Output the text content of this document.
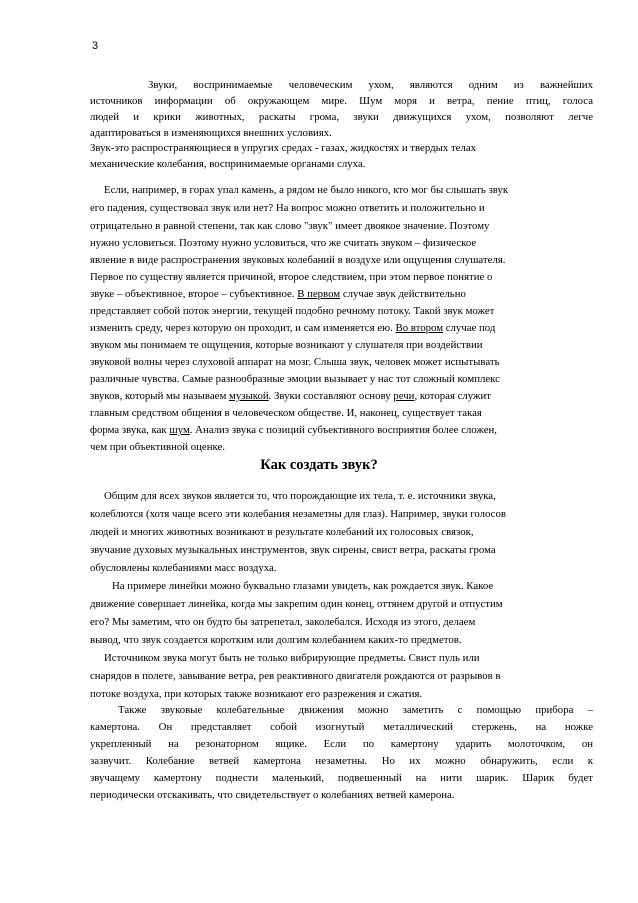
3

Звуки, воспринимаемые человеческим ухом, являются одним из важнейших

источников информации об окружающем мире. Шум моря и ветра, пение птиц, голоса

людей и крики животных, раскаты грома, звуки движущихся ухом, позволяют легче

адаптироваться в изменяющихся внешних условиях.

Звук-это распространяющиеся в упругих средах - газах, жидкостях и твердых телах

механические колебания, воспринимаемые органами слуха.

Если, например, в горах упал камень, а рядом не было никого, кто мог бы слышать звук

его падения, существовал звук или нет? На вопрос можно ответить и положительно и

отрицательно в равной степени, так как слово "звук" имеет двоякое значение. Поэтому

нужно условиться. Поэтому нужно условиться, что же считать звуком – физическое

явление в виде распространения звуковых колебаний в воздухе или ощущения слушателя.

Первое по существу является причиной, второе следствием, при этом первое понятие о

звуке – объективное, второе – субъективное. В первом случае звук действительно

представляет собой поток энергии, текущей подобно речному потоку. Такой звук может

изменить среду, через которую он проходит, и сам изменяется ею. Во втором случае под

звуком мы понимаем те ощущения, которые возникают у слушателя при воздействии

звуковой волны через слуховой аппарат на мозг. Слыша звук, человек может испытывать

различные чувства. Самые разнообразные эмоции вызывает у нас тот сложный комплекс

звуков, который мы называем музыкой. Звуки составляют основу речи, которая служит

главным средством общения в человеческом обществе. И, наконец, существует такая

форма звука, как шум. Анализ звука с позиций субъективного восприятия более сложен,

чем при объективной оценке.

Как создать звук?

Общим для всех звуков является то, что порождающие их тела, т. е. источники звука,

колеблются (хотя чаще всего эти колебания незаметны для глаз). Например, звуки голосов

людей и многих животных возникают в результате колебаний их голосовых связок,

звучание духовых музыкальных инструментов, звук сирены, свист ветра, раскаты грома

обусловлены колебаниями масс воздуха.

На примере линейки можно буквально глазами увидеть, как рождается звук. Какое

движение совершает линейка, когда мы закрепим один конец, оттянем другой и отпустим

его? Мы заметим, что он будто бы затрепетал, заколебался. Исходя из этого, делаем

вывод, что звук создается коротким или долгим колебанием каких-то предметов.

Источником звука могут быть не только вибрирующие предметы. Свист пуль или

снарядов в полете, завывание ветра, рев реактивного двигателя рождаются от разрывов в

потоке воздуха, при которых также возникают его разрежения и сжатия.

Также звуковые колебательные движения можно заметить с помощью прибора –

камертона. Он представляет собой изогнутый металлический стержень, на ножке

укрепленный на резонаторном ящике. Если по камертону ударить молоточком, он

зазвучит. Колебание ветвей камертона незаметны. Но их можно обнаружить, если к

звучащему камертону поднести маленький, подвешенный на нити шарик. Шарик будет

периодически отскакивать, что свидетельствует о колебаниях ветвей камерона.
